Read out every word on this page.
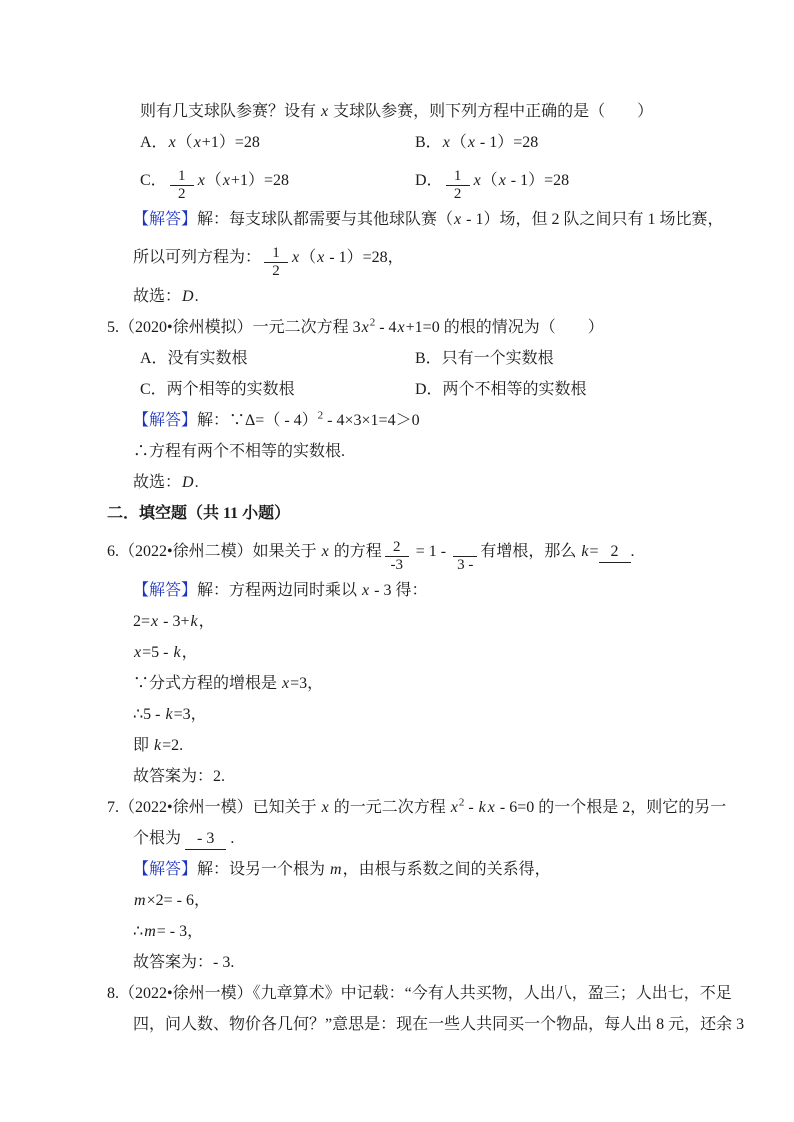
则有几支球队参赛？设有 x 支球队参赛，则下列方程中正确的是（　　）
A．x（x+1）=28	B．x（x - 1）=28
C． $\frac{1}{2} x(x+1)=28$	D． $\frac{1}{2} x(x - 1)=28$
【解答】解：每支球队都需要与其他球队赛（x - 1）场，但 2 队之间只有 1 场比赛，
所以可列方程为： $\frac{1}{2} x(x - 1)=28$，
故选：D.
5.（2020•徐州模拟）一元二次方程 $3x^2 - 4x+1=0$ 的根的情况为（　　）
A．没有实数根	B．只有一个实数根
C．两个相等的实数根	D．两个不相等的实数根
【解答】解：∵Δ=（ - 4）$^2$ - 4×3×1=4＞0
∴方程有两个不相等的实数根.
故选：D.
二．填空题（共 11 小题）
6.（2022•徐州二模）如果关于 x 的方程 $\frac{2}{-3} = 1$ -

3 -
有增根，那么 k= 2 .
【解答】解：方程两边同时乘以 x - 3 得：
2=x - 3+k，
x=5 - k，
∵分式方程的增根是 x=3，
∴5 - k=3，
即 k=2.
故答案为：2.
7.（2022•徐州一模）已知关于 x 的一元二次方程 $x^2$ - k x - 6=0 的一个根是 2，则它的另一
个根为 - 3 .
【解答】解：设另一个根为 m，由根与系数之间的关系得，
m×2= - 6，
∴m= - 3，
故答案为：- 3.
8.（2022•徐州一模）《九章算术》中记载：“今有人共买物，人出八，盈三；人出七，不足
四，问人数、物价各几何？”意思是：现在一些人共同买一个物品，每人出 8 元，还余 3
